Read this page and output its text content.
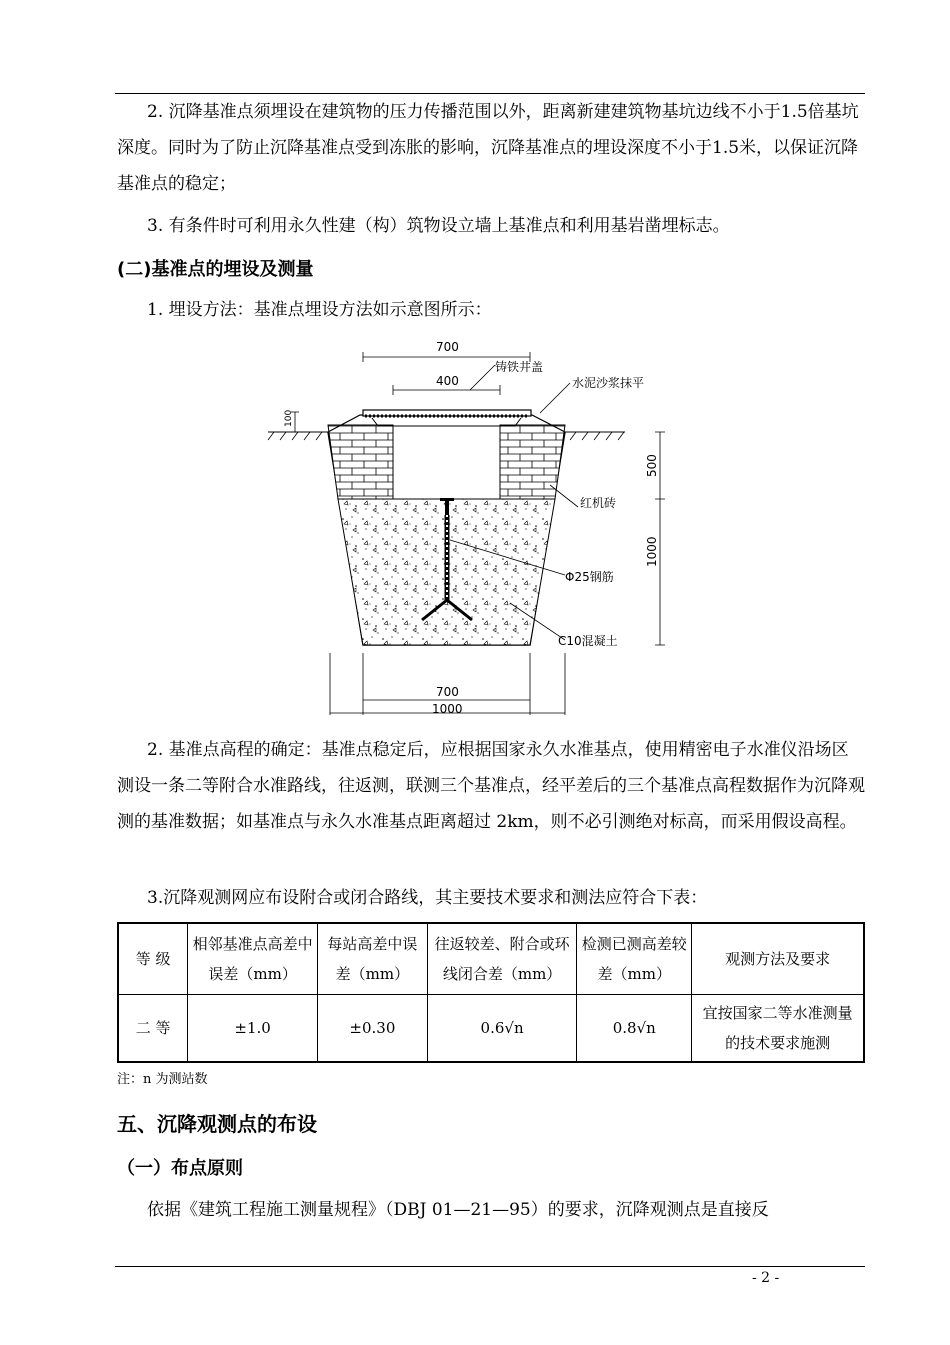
2. 沉降基准点须埋设在建筑物的压力传播范围以外，距离新建建筑物基坑边线不小于1.5倍基坑深度。同时为了防止沉降基准点受到冻胀的影响，沉降基准点的埋设深度不小于1.5米，以保证沉降基准点的稳定；

3. 有条件时可利用永久性建（构）筑物设立墙上基准点和利用基岩凿埋标志。

(二)基准点的埋设及测量

1. 埋设方法：基准点埋设方法如示意图所示：

700
铸铁井盖
400	水泥沙浆抹平
100
500
1000
红机砖
Φ25钢筋
C10混凝土
700
1000

2. 基准点高程的确定：基准点稳定后，应根据国家永久水准基点，使用精密电子水准仪沿场区测设一条二等附合水准路线，往返测，联测三个基准点，经平差后的三个基准点高程数据作为沉降观测的基准数据；如基准点与永久水准基点距离超过 2km，则不必引测绝对标高，而采用假设高程。

3.沉降观测网应布设附合或闭合路线，其主要技术要求和测法应符合下表：

等 级	相邻基准点高差中误差（mm）	每站高差中误差（mm）	往返较差、附合或环线闭合差（mm）	检测已测高差较差（mm）	观测方法及要求
二 等	±1.0	±0.30	0.6√n	0.8√n	宜按国家二等水准测量的技术要求施测

注：n 为测站数

五、沉降观测点的布设

（一）布点原则

依据《建筑工程施工测量规程》（DBJ 01—21—95）的要求，沉降观测点是直接反

- 2 -
